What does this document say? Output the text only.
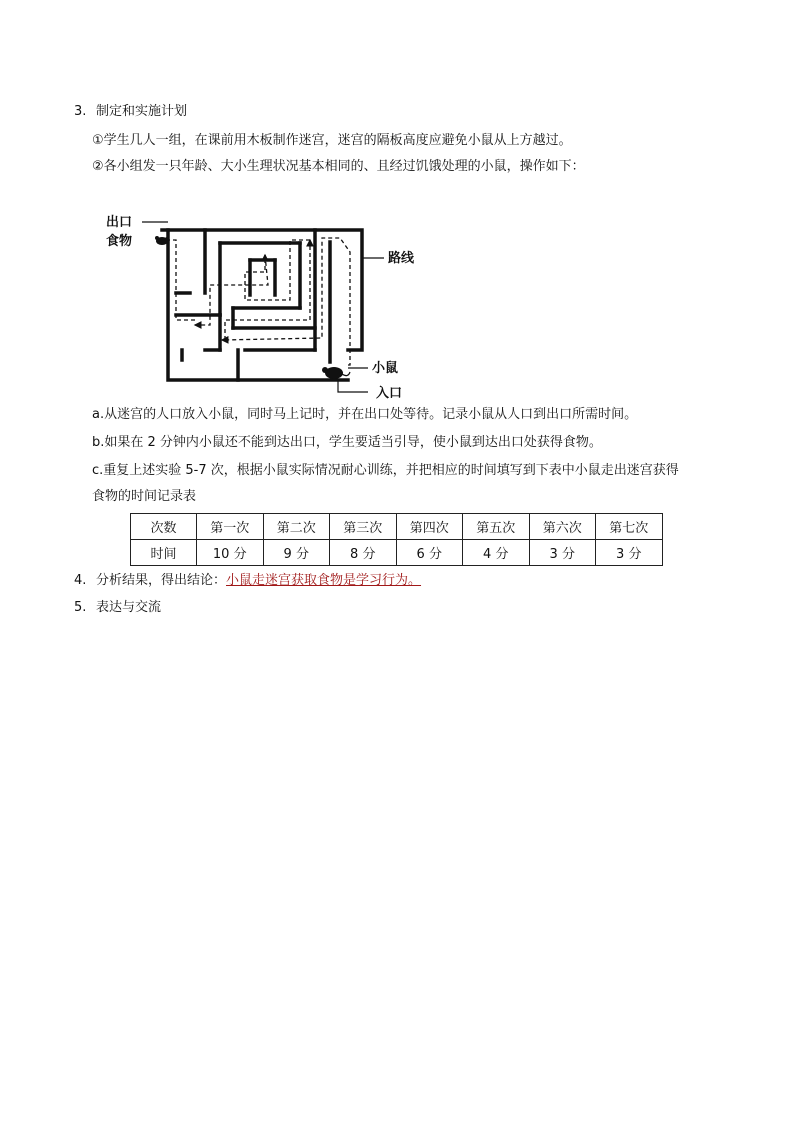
3. 制定和实施计划
①学生几人一组，在课前用木板制作迷宫，迷宫的隔板高度应避免小鼠从上方越过。
②各小组发一只年龄、大小生理状况基本相同的、且经过饥饿处理的小鼠，操作如下：
出口
食物
路线
小鼠
入口
a.从迷宫的人口放入小鼠，同时马上记时，并在出口处等待。记录小鼠从人口到出口所需时间。
b.如果在 2 分钟内小鼠还不能到达出口，学生要适当引导，使小鼠到达出口处获得食物。
c.重复上述实验 5-7 次，根据小鼠实际情况耐心训练，并把相应的时间填写到下表中小鼠走出迷宫获得
食物的时间记录表
次数	第一次	第二次	第三次	第四次	第五次	第六次	第七次
时间	10 分	9 分	8 分	6 分	4 分	3 分	3 分
4. 分析结果，得出结论：小鼠走迷宫获取食物是学习行为。
5. 表达与交流
